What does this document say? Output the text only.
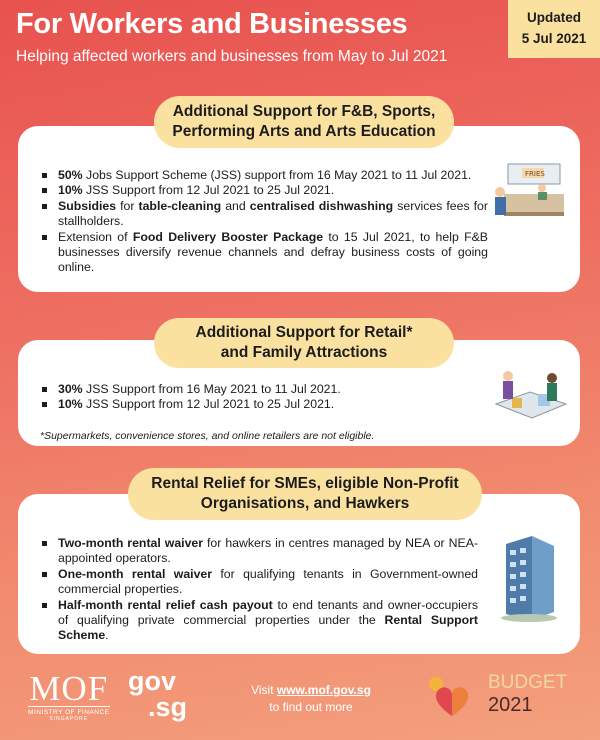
For Workers and Businesses
Helping affected workers and businesses from May to Jul 2021
Updated
5 Jul 2021
Additional Support for F&B, Sports,
Performing Arts and Arts Education
50% Jobs Support Scheme (JSS) support from 16 May 2021 to 11 Jul 2021.
10% JSS Support from 12 Jul 2021 to 25 Jul 2021.
Subsidies for table-cleaning and centralised dishwashing services fees for stallholders.
Extension of Food Delivery Booster Package to 15 Jul 2021, to help F&B businesses diversify revenue channels and defray business costs of going online.
FRIES
Additional Support for Retail*
and Family Attractions
30% JSS Support from 16 May 2021 to 11 Jul 2021.
10% JSS Support from 12 Jul 2021 to 25 Jul 2021.
*Supermarkets, convenience stores, and online retailers are not eligible.
Rental Relief for SMEs, eligible Non-Profit
Organisations, and Hawkers
Two-month rental waiver for hawkers in centres managed by NEA or NEA-appointed operators.
One-month rental waiver for qualifying tenants in Government-owned commercial properties.
Half-month rental relief cash payout to end tenants and owner-occupiers of qualifying private commercial properties under the Rental Support Scheme.
MOF
MINISTRY OF FINANCE
SINGAPORE
gov
.sg
Visit www.mof.gov.sg
to find out more
BUDGET
2021
